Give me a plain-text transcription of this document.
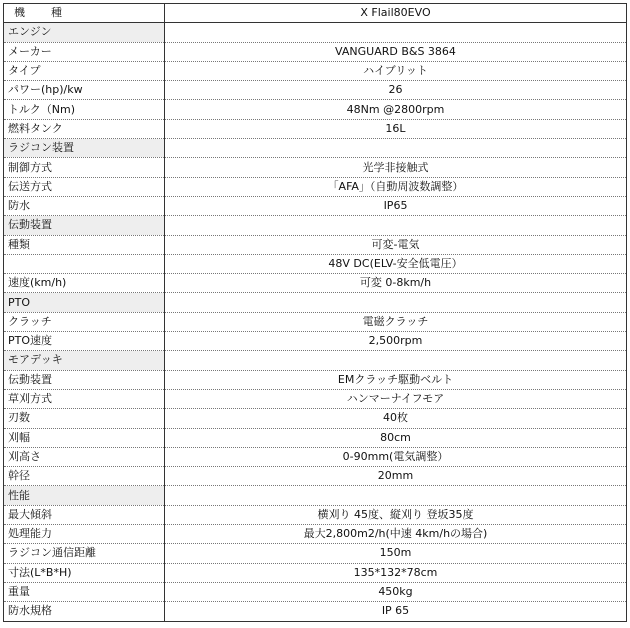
機 種	X Flail80EVO
エンジン	
メーカー	VANGUARD B&S 3864
タイプ	ハイブリット
パワー(hp)/kw	26
トルク（Nm)	48Nm @2800rpm
燃料タンク	16L
ラジコン装置	
制御方式	光学非接触式
伝送方式	「AFA」（自動周波数調整）
防水	IP65
伝動装置	
種類	可変-電気
	48V DC(ELV-安全低電圧）
速度(km/h)	可変 0-8km/h
PTO	
クラッチ	電磁クラッチ
PTO速度	2,500rpm
モアデッキ	
伝動装置	EMクラッチ駆動ベルト
草刈方式	ハンマーナイフモア
刃数	40枚
刈幅	80cm
刈高さ	0-90mm(電気調整）
幹径	20mm
性能	
最大傾斜	横刈り 45度、縦刈り 登坂35度
処理能力	最大2,800m2/h(中速 4km/hの場合)
ラジコン通信距離	150m
寸法(L*B*H)	135*132*78cm
重量	450kg
防水規格	IP 65
